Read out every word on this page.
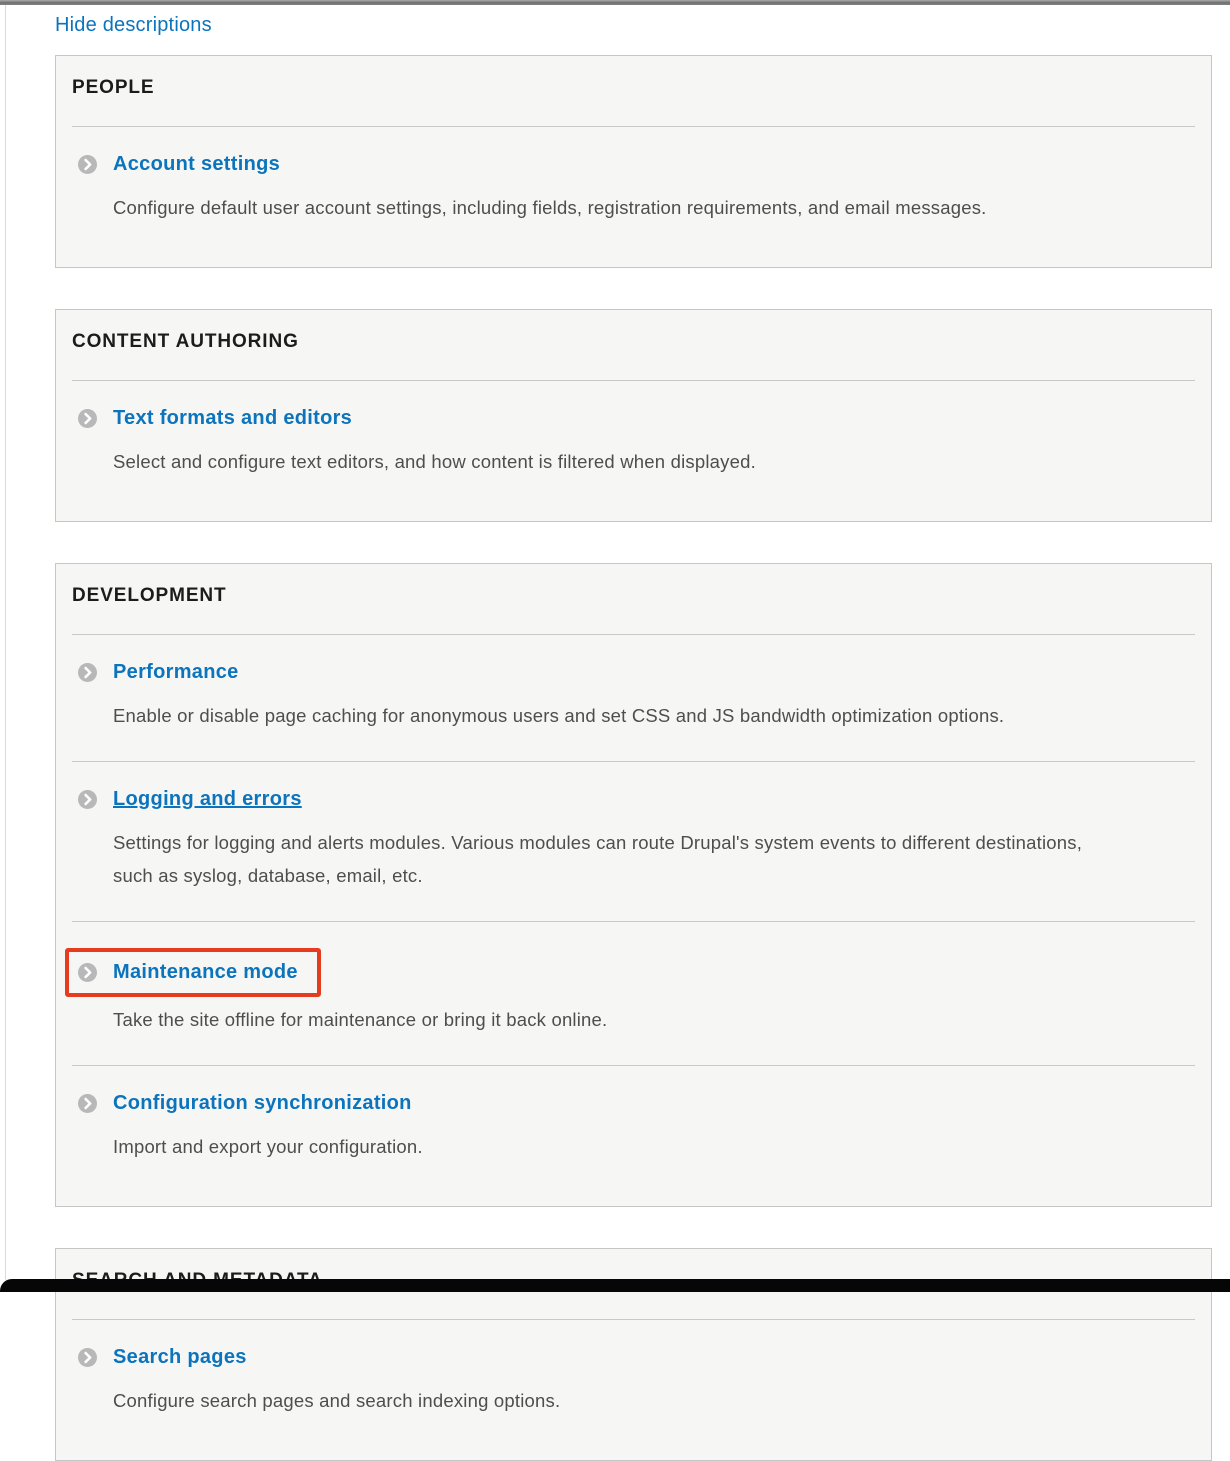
Hide descriptions
PEOPLE
Account settings
Configure default user account settings, including fields, registration requirements, and email messages.
CONTENT AUTHORING
Text formats and editors
Select and configure text editors, and how content is filtered when displayed.
DEVELOPMENT
Performance
Enable or disable page caching for anonymous users and set CSS and JS bandwidth optimization options.
Logging and errors
Settings for logging and alerts modules. Various modules can route Drupal's system events to different destinations, such as syslog, database, email, etc.
Maintenance mode
Take the site offline for maintenance or bring it back online.
Configuration synchronization
Import and export your configuration.
Search pages
Configure search pages and search indexing options.
